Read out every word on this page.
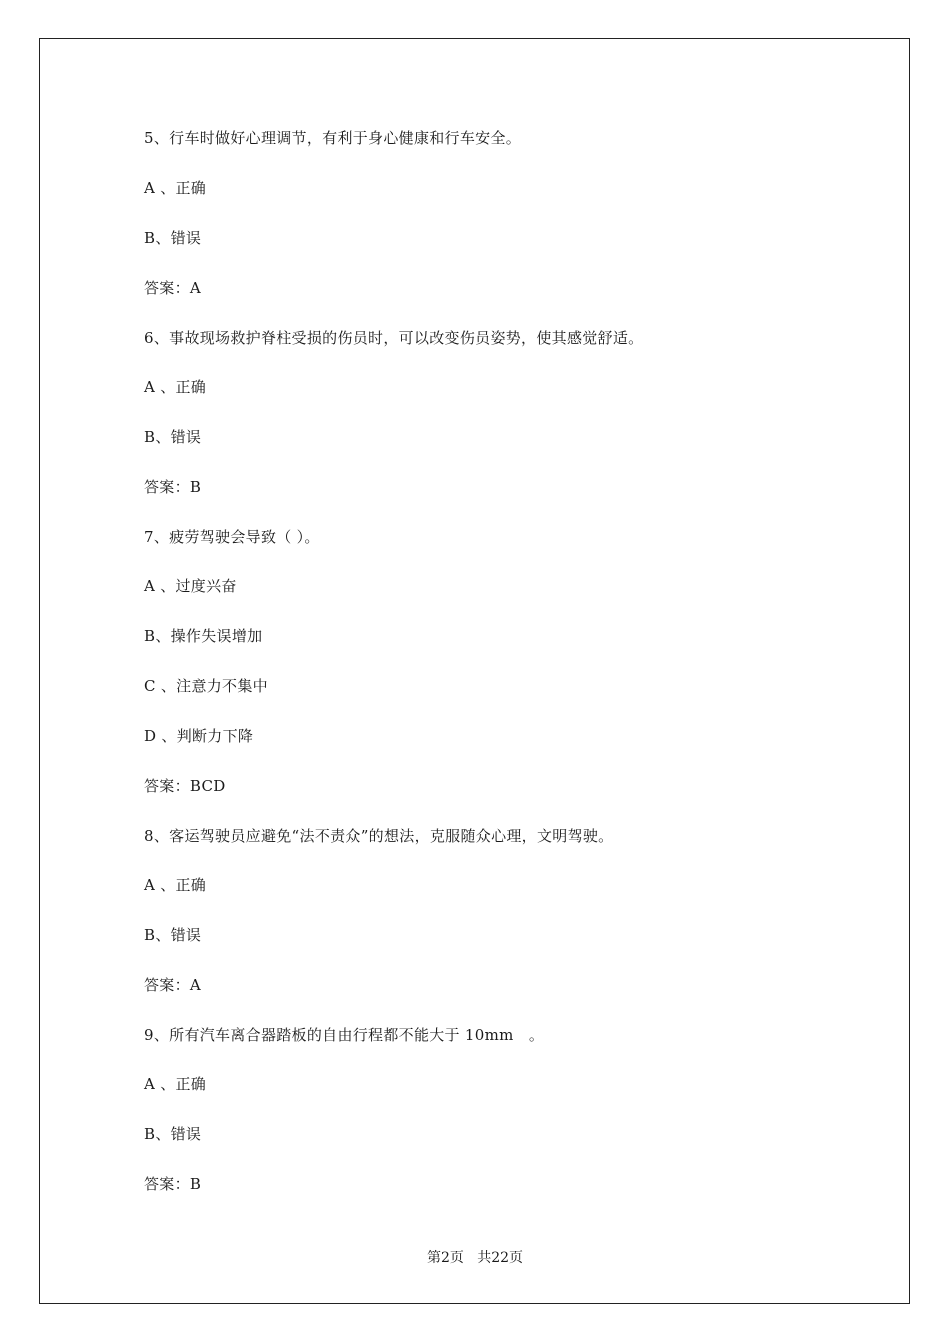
5、行车时做好心理调节，有利于身心健康和行车安全。
A 、正确
B、错误
答案：A
6、事故现场救护脊柱受损的伤员时，可以改变伤员姿势，使其感觉舒适。
A 、正确
B、错误
答案：B
7、疲劳驾驶会导致（ ）。
A 、过度兴奋
B、操作失误增加
C 、注意力不集中
D 、判断力下降
答案：BCD
8、客运驾驶员应避免“法不责众”的想法，克服随众心理，文明驾驶。
A 、正确
B、错误
答案：A
9、所有汽车离合器踏板的自由行程都不能大于 10mm   。
A 、正确
B、错误
答案：B
第2页   共22页
